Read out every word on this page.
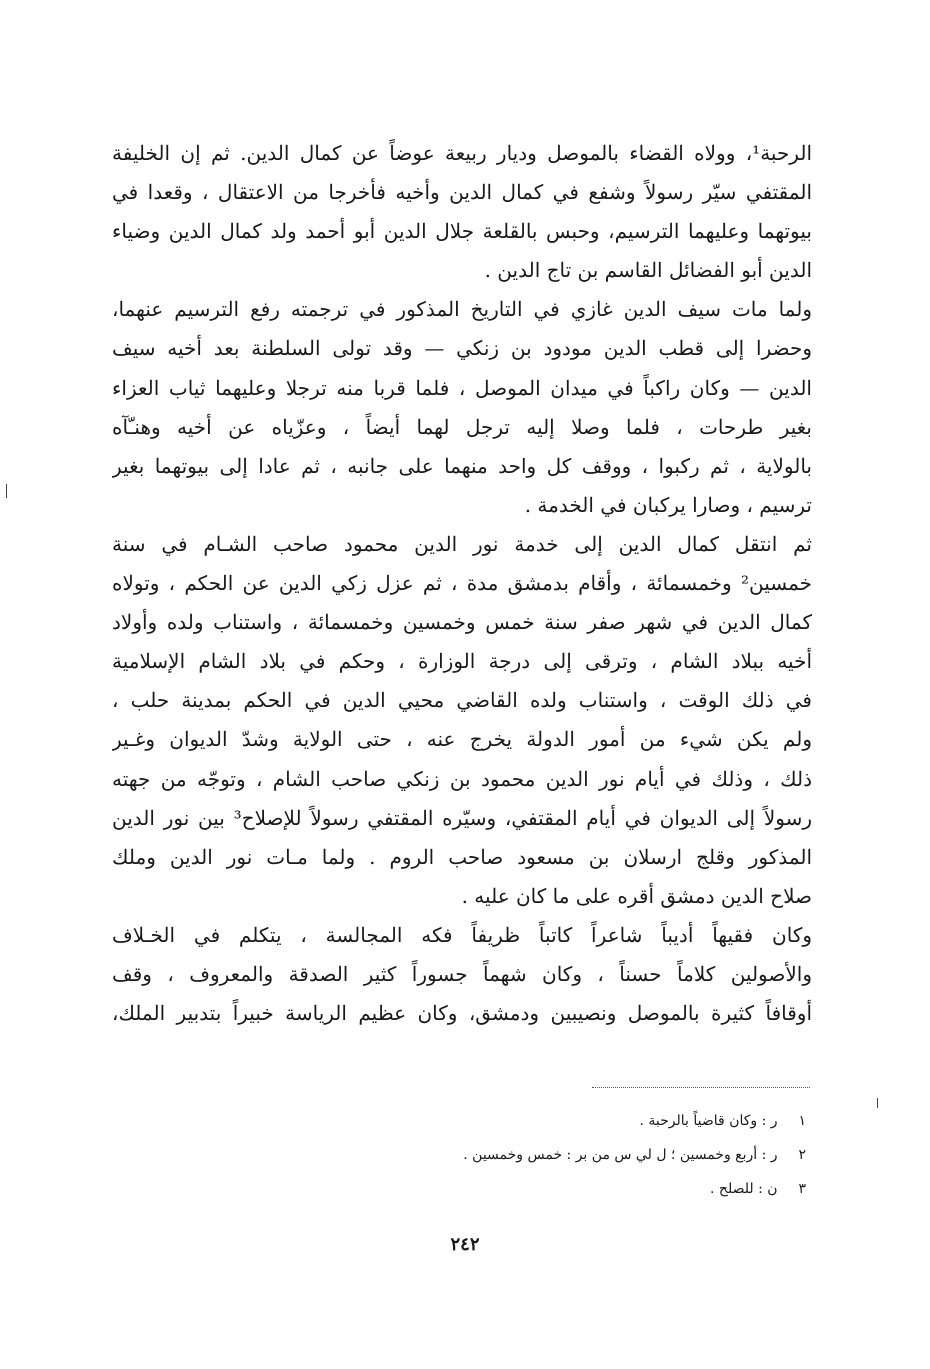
الرحبة¹، وولاه القضاء بالموصل وديار ربيعة عوضاً عن كمال الدين. ثم إن الخليفة
المقتفي سيّر رسولاً وشفع في كمال الدين وأخيه فأخرجا من الاعتقال ، وقعدا في
بيوتهما وعليهما الترسيم، وحبس بالقلعة جلال الدين أبو أحمد ولد كمال الدين وضياء
الدين أبو الفضائل القاسم بن تاج الدين .
ولما مات سيف الدين غازي في التاريخ المذكور في ترجمته رفع الترسيم عنهما،
وحضرا إلى قطب الدين مودود بن زنكي — وقد تولى السلطنة بعد أخيه سيف
الدين — وكان راكباً في ميدان الموصل ، فلما قربا منه ترجلا وعليهما ثياب العزاء
بغير طرحات ، فلما وصلا إليه ترجل لهما أيضاً ، وعزّياه عن أخيه وهنـّآه
بالولاية ، ثم ركبوا ، ووقف كل واحد منهما على جانبه ، ثم عادا إلى بيوتهما بغير
ترسيم ، وصارا يركبان في الخدمة .
ثم انتقل كمال الدين إلى خدمة نور الدين محمود صاحب الشـام في سنة
خمسين² وخمسمائة ، وأقام بدمشق مدة ، ثم عزل زكي الدين عن الحكم ، وتولاه
كمال الدين في شهر صفر سنة خمس وخمسين وخمسمائة ، واستناب ولده وأولاد
أخيه ببلاد الشام ، وترقى إلى درجة الوزارة ، وحكم في بلاد الشام الإسلامية
في ذلك الوقت ، واستناب ولده القاضي محيي الدين في الحكم بمدينة حلب ،
ولم يكن شيء من أمور الدولة يخرج عنه ، حتى الولاية وشدّ الديوان وغـير
ذلك ، وذلك في أيام نور الدين محمود بن زنكي صاحب الشام ، وتوجّه من جهته
رسولاً إلى الديوان في أيام المقتفي، وسيّره المقتفي رسولاً للإصلاح³ بين نور الدين
المذكور وقلج ارسلان بن مسعود صاحب الروم . ولما مـات نور الدين وملك
صلاح الدين دمشق أقره على ما كان عليه .
وكان فقيهاً أديباً شاعراً كاتباً ظريفاً فكه المجالسة ، يتكلم في الخـلاف
والأصولين كلاماً حسناً ، وكان شهماً جسوراً كثير الصدقة والمعروف ، وقف
أوقافاً كثيرة بالموصل ونصيبين ودمشق، وكان عظيم الرياسة خبيراً بتدبير الملك،
١ ر : وكان قاضياً بالرحبة .
٢ ر : أربع وخمسين ؛ ل لي س من بر : خمس وخمسين .
٣ ن : للصلح .
٢٤٢
